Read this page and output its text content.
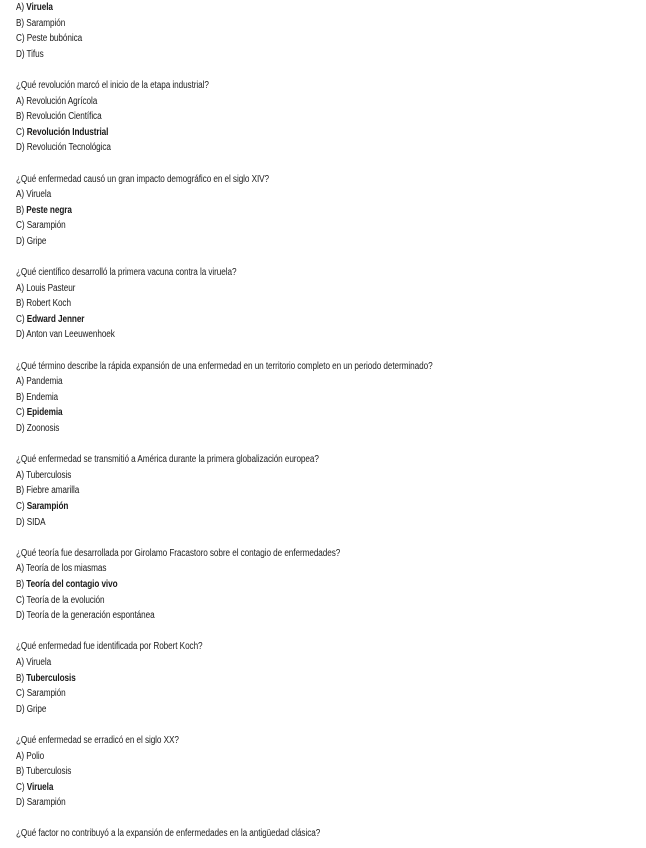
A) Viruela
B) Sarampión
C) Peste bubónica
D) Tifus
¿Qué revolución marcó el inicio de la etapa industrial?
A) Revolución Agrícola
B) Revolución Científica
C) Revolución Industrial
D) Revolución Tecnológica
¿Qué enfermedad causó un gran impacto demográfico en el siglo XIV?
A) Viruela
B) Peste negra
C) Sarampión
D) Gripe
¿Qué científico desarrolló la primera vacuna contra la viruela?
A) Louis Pasteur
B) Robert Koch
C) Edward Jenner
D) Anton van Leeuwenhoek
¿Qué término describe la rápida expansión de una enfermedad en un territorio completo en un periodo determinado?
A) Pandemia
B) Endemia
C) Epidemia
D) Zoonosis
¿Qué enfermedad se transmitió a América durante la primera globalización europea?
A) Tuberculosis
B) Fiebre amarilla
C) Sarampión
D) SIDA
¿Qué teoría fue desarrollada por Girolamo Fracastoro sobre el contagio de enfermedades?
A) Teoría de los miasmas
B) Teoría del contagio vivo
C) Teoría de la evolución
D) Teoría de la generación espontánea
¿Qué enfermedad fue identificada por Robert Koch?
A) Viruela
B) Tuberculosis
C) Sarampión
D) Gripe
¿Qué enfermedad se erradicó en el siglo XX?
A) Polio
B) Tuberculosis
C) Viruela
D) Sarampión
¿Qué factor no contribuyó a la expansión de enfermedades en la antigüedad clásica?
